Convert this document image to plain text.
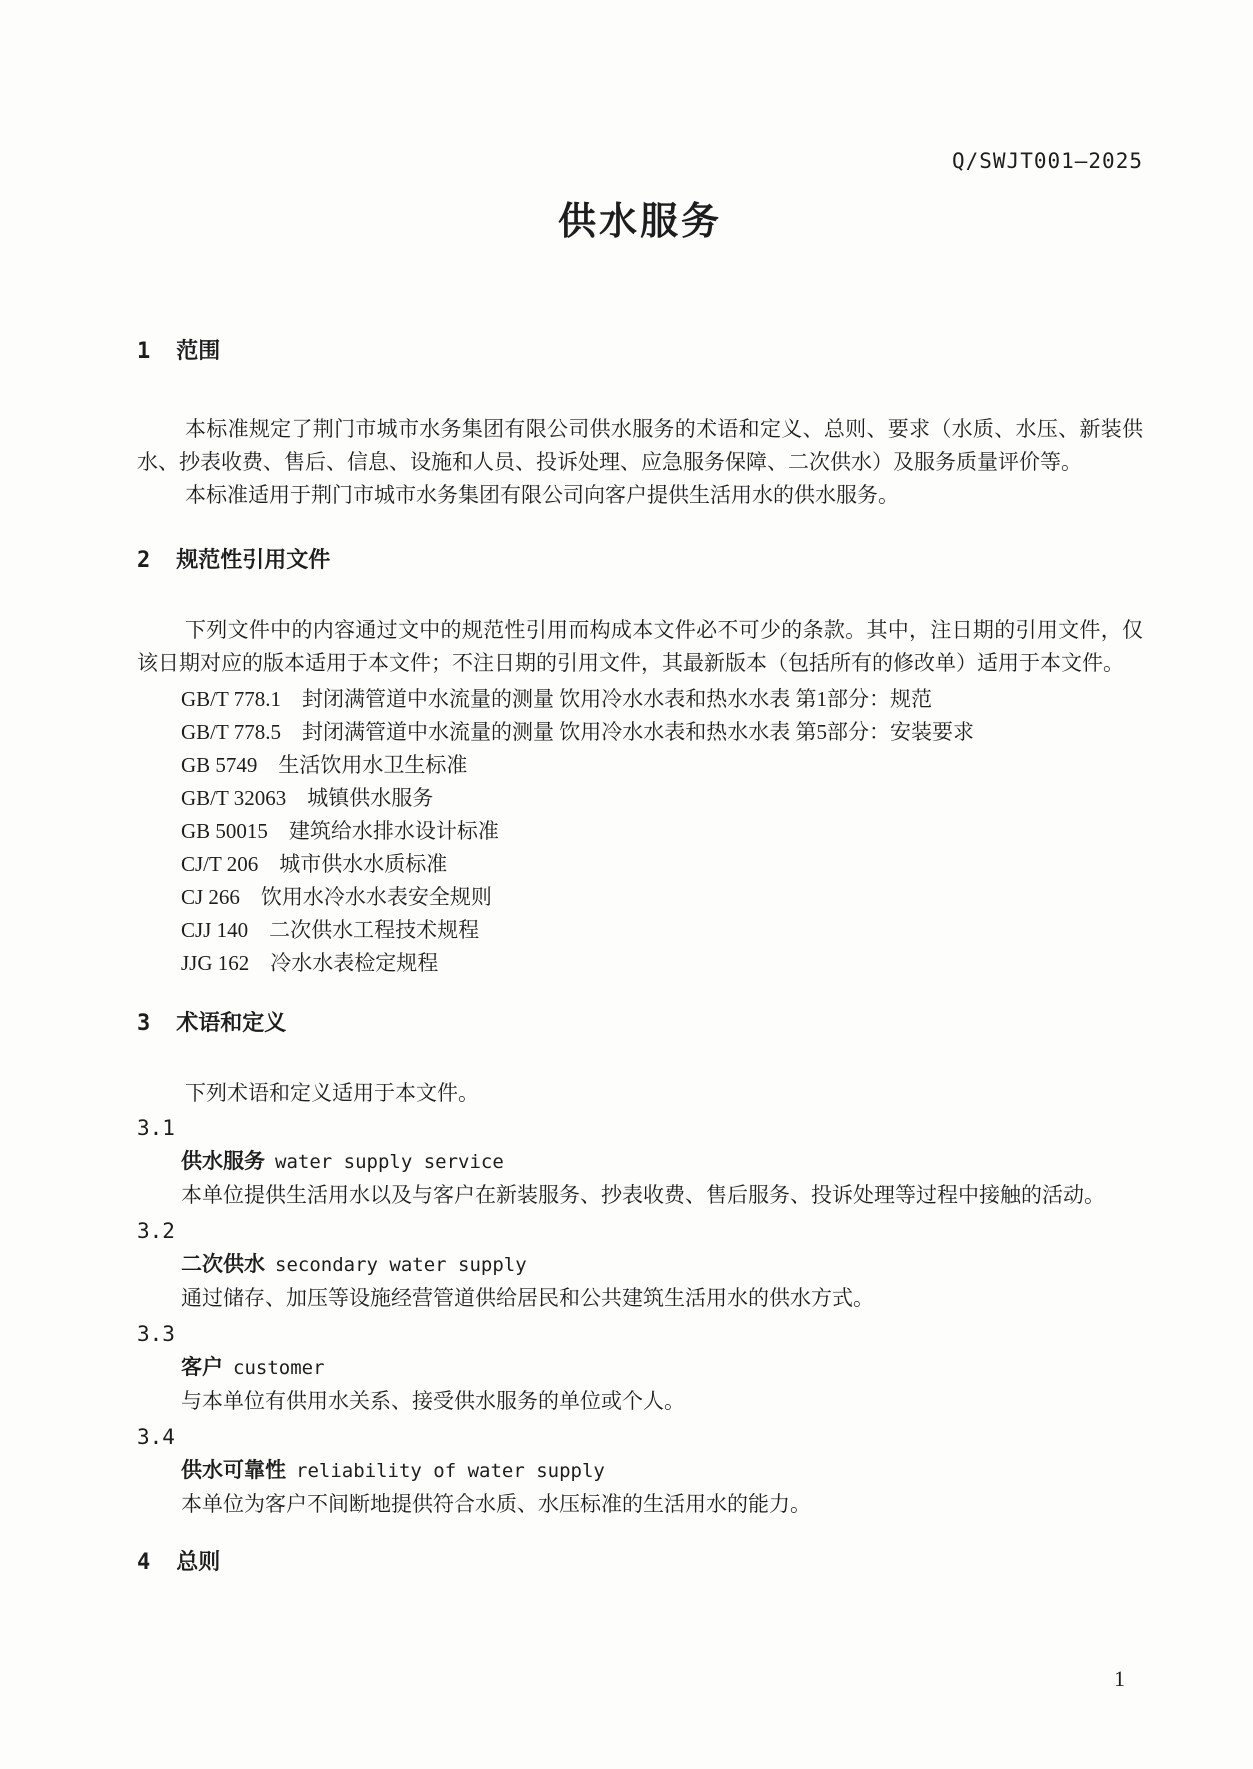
Q/SWJT001—2025
供水服务
1 范围

本标准规定了荆门市城市水务集团有限公司供水服务的术语和定义、总则、要求（水质、水压、新装供水、抄表收费、售后、信息、设施和人员、投诉处理、应急服务保障、二次供水）及服务质量评价等。

本标准适用于荆门市城市水务集团有限公司向客户提供生活用水的供水服务。

2 规范性引用文件

下列文件中的内容通过文中的规范性引用而构成本文件必不可少的条款。其中，注日期的引用文件，仅该日期对应的版本适用于本文件；不注日期的引用文件，其最新版本（包括所有的修改单）适用于本文件。

GB/T 778.1　封闭满管道中水流量的测量 饮用冷水水表和热水水表 第1部分：规范
GB/T 778.5　封闭满管道中水流量的测量 饮用冷水水表和热水水表 第5部分：安装要求
GB 5749　生活饮用水卫生标准
GB/T 32063　城镇供水服务
GB 50015　建筑给水排水设计标准
CJ/T 206　城市供水水质标准
CJ 266　饮用水冷水水表安全规则
CJJ 140　二次供水工程技术规程
JJG 162　冷水水表检定规程
3 术语和定义

下列术语和定义适用于本文件。

3.1
供水服务 water supply service
本单位提供生活用水以及与客户在新装服务、抄表收费、售后服务、投诉处理等过程中接触的活动。
3.2
二次供水 secondary water supply
通过储存、加压等设施经营管道供给居民和公共建筑生活用水的供水方式。
3.3
客户 customer
与本单位有供用水关系、接受供水服务的单位或个人。
3.4
供水可靠性 reliability of water supply
本单位为客户不间断地提供符合水质、水压标准的生活用水的能力。
4 总则
1
